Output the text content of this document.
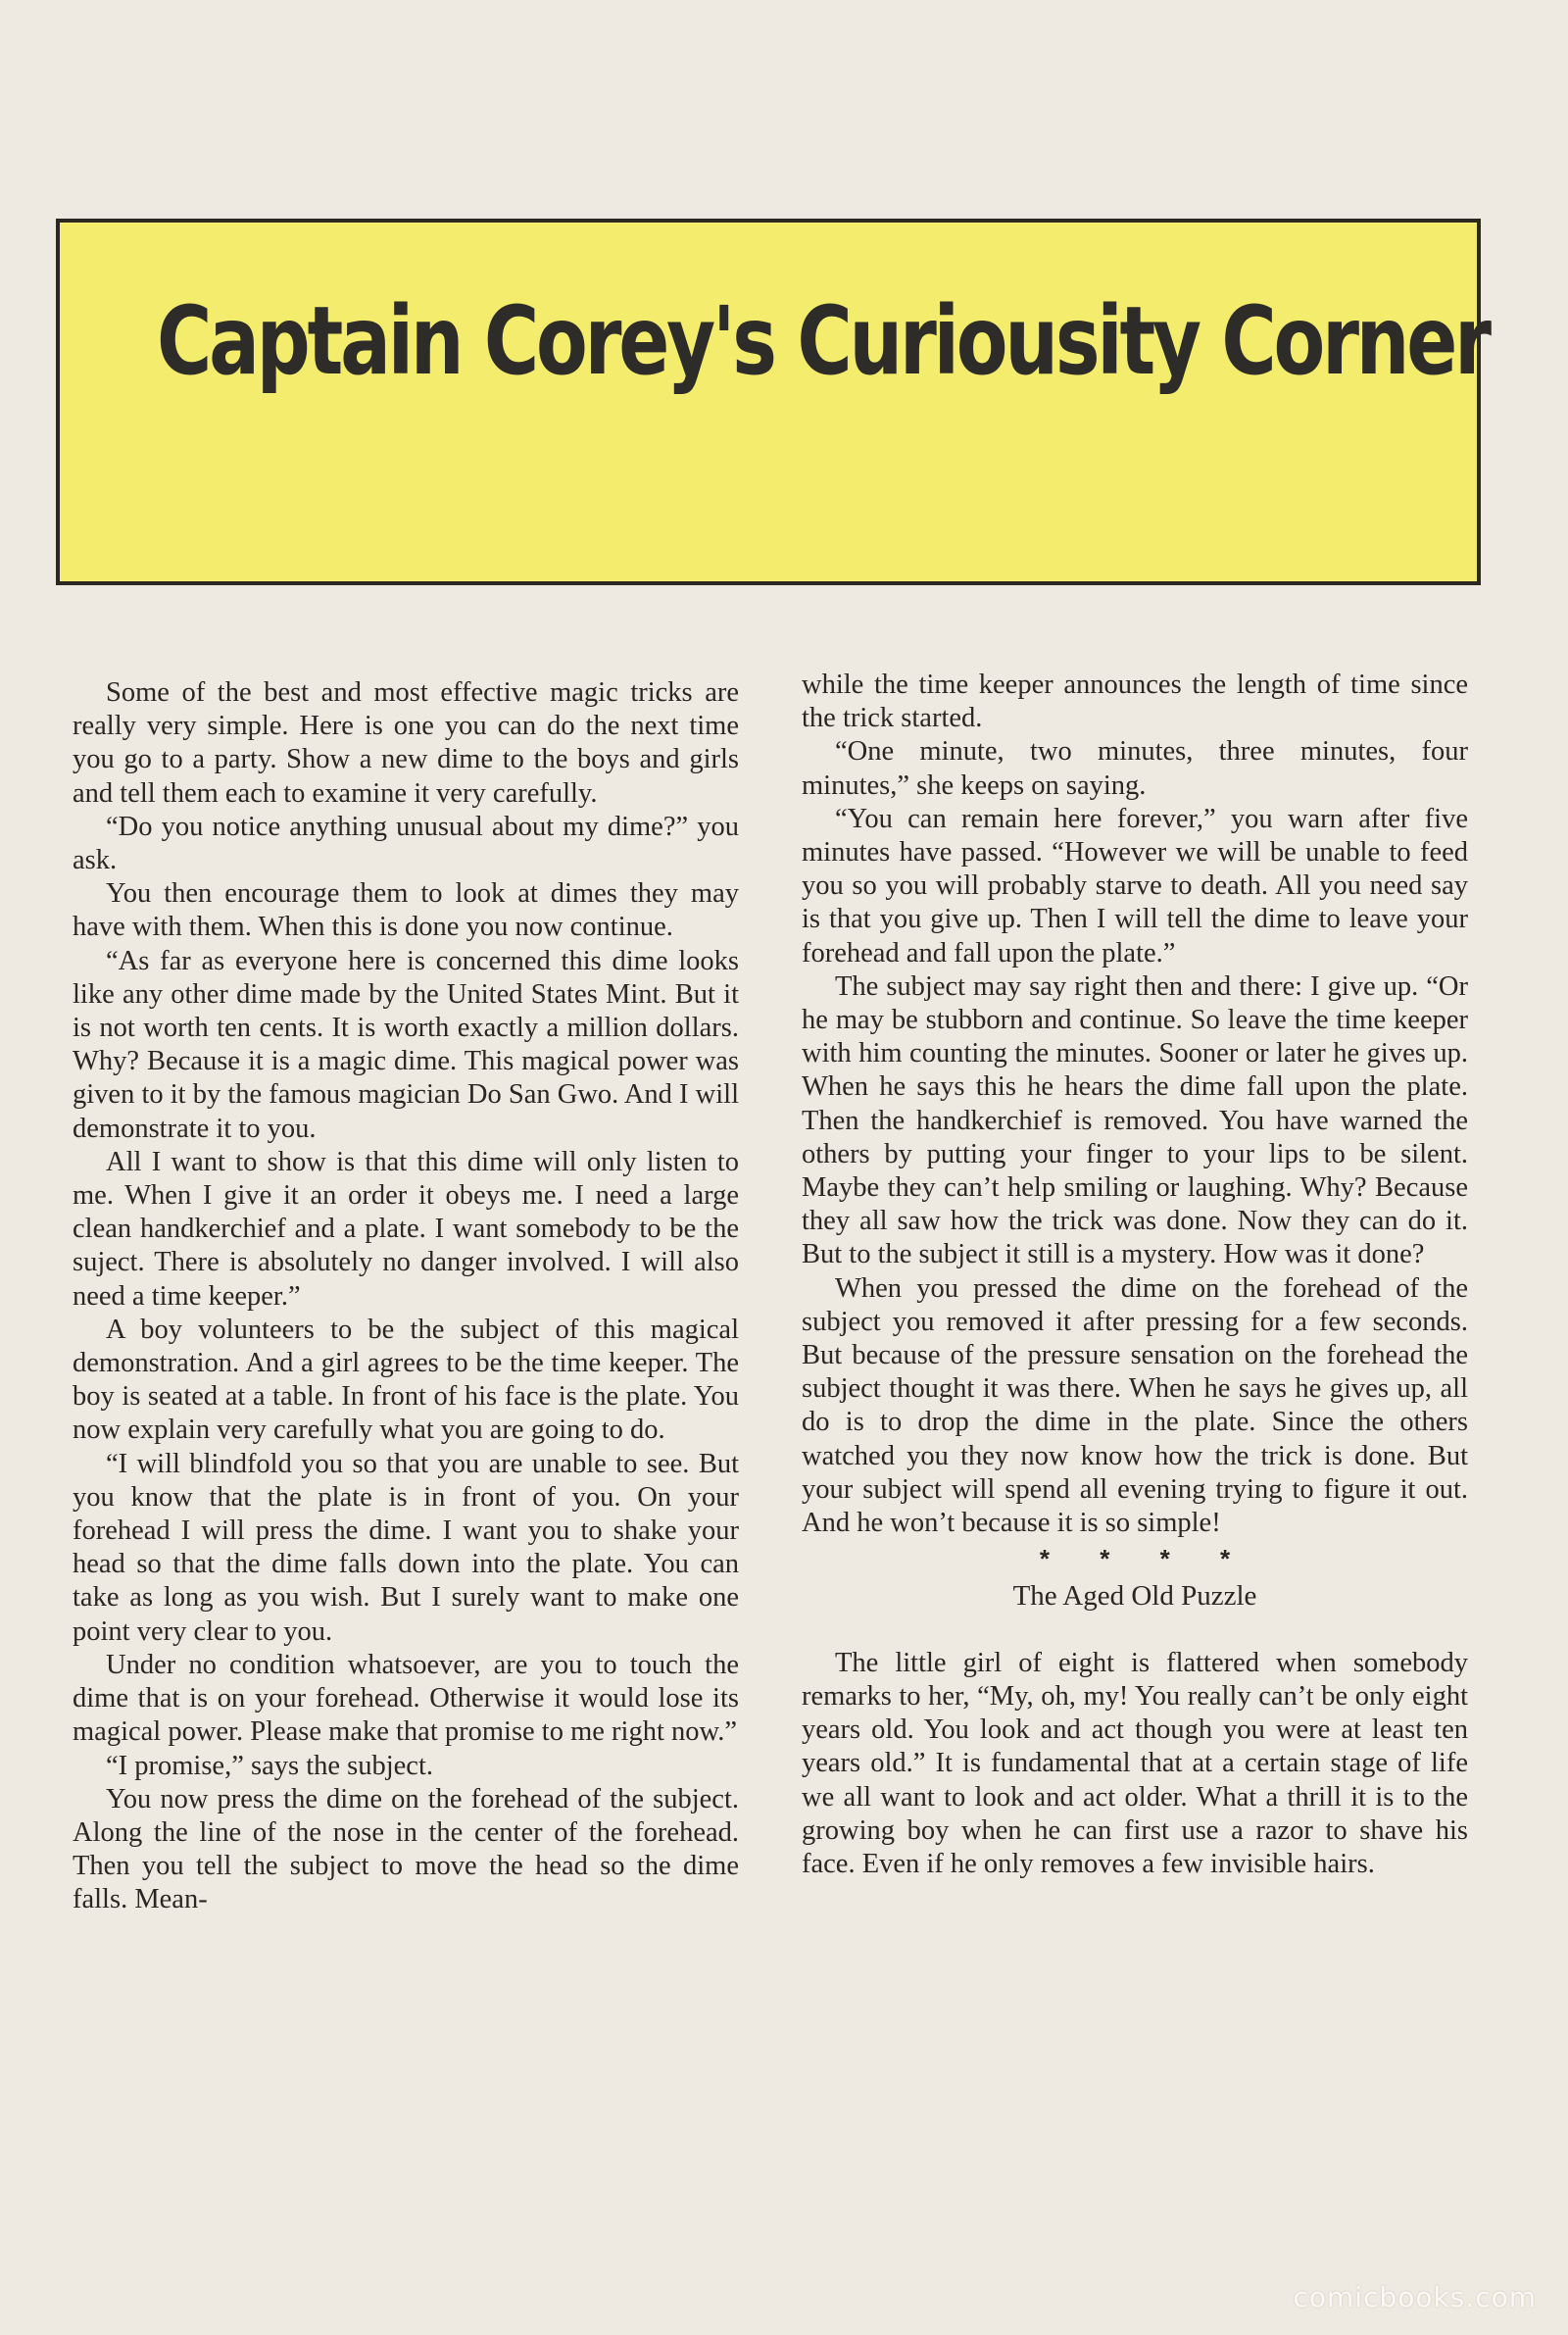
Captain Corey's Curiousity Corner

Some of the best and most effective magic tricks are really very simple. Here is one you can do the next time you go to a party. Show a new dime to the boys and girls and tell them each to examine it very carefully.

“Do you notice anything unusual about my dime?” you ask.

You then encourage them to look at dimes they may have with them. When this is done you now continue.

“As far as everyone here is concerned this dime looks like any other dime made by the United States Mint. But it is not worth ten cents. It is worth exactly a million dollars. Why? Because it is a magic dime. This magical power was given to it by the famous magician Do San Gwo. And I will demonstrate it to you.

All I want to show is that this dime will only listen to me. When I give it an order it obeys me. I need a large clean handkerchief and a plate. I want somebody to be the suject. There is absolutely no danger involved. I will also need a time keeper.”

A boy volunteers to be the subject of this magical demonstration. And a girl agrees to be the time keeper. The boy is seated at a table. In front of his face is the plate. You now explain very carefully what you are going to do.

“I will blindfold you so that you are unable to see. But you know that the plate is in front of you. On your forehead I will press the dime. I want you to shake your head so that the dime falls down into the plate. You can take as long as you wish. But I surely want to make one point very clear to you.

Under no condition whatsoever, are you to touch the dime that is on your forehead. Otherwise it would lose its magical power. Please make that promise to me right now.”

“I promise,” says the subject.

You now press the dime on the forehead of the subject. Along the line of the nose in the center of the forehead. Then you tell the subject to move the head so the dime falls. Mean-

while the time keeper announces the length of time since the trick started.

“One minute, two minutes, three minutes, four minutes,” she keeps on saying.

“You can remain here forever,” you warn after five minutes have passed. “However we will be unable to feed you so you will probably starve to death. All you need say is that you give up. Then I will tell the dime to leave your forehead and fall upon the plate.”

The subject may say right then and there: I give up. “Or he may be stubborn and continue. So leave the time keeper with him counting the minutes. Sooner or later he gives up. When he says this he hears the dime fall upon the plate. Then the handkerchief is removed. You have warned the others by putting your finger to your lips to be silent. Maybe they can’t help smiling or laughing. Why? Because they all saw how the trick was done. Now they can do it. But to the subject it still is a mystery. How was it done?

When you pressed the dime on the forehead of the subject you removed it after pressing for a few seconds. But because of the pressure sensation on the forehead the subject thought it was there. When he says he gives up, all do is to drop the dime in the plate. Since the others watched you they now know how the trick is done. But your subject will spend all evening trying to figure it out. And he won’t because it is so simple!

* * * *
The Aged Old Puzzle

The little girl of eight is flattered when somebody remarks to her, “My, oh, my! You really can’t be only eight years old. You look and act though you were at least ten years old.” It is fundamental that at a certain stage of life we all want to look and act older. What a thrill it is to the growing boy when he can first use a razor to shave his face. Even if he only removes a few invisible hairs.

comicbooks.com
